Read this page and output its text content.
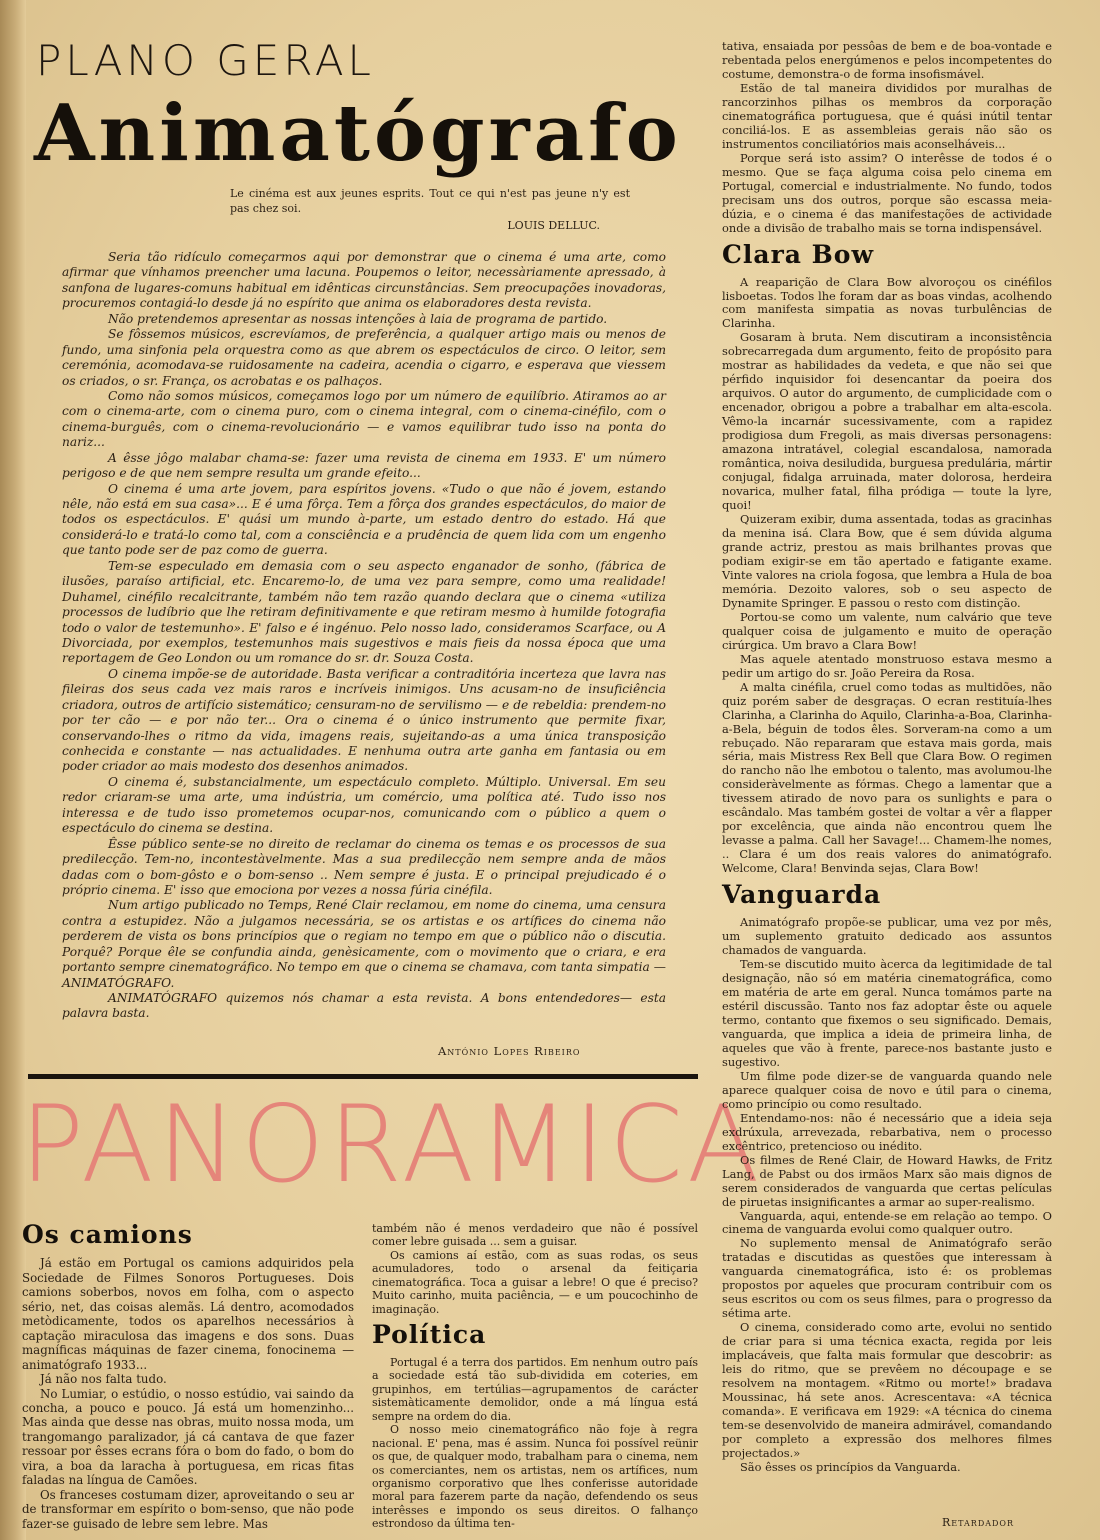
PLANO GERAL
Animatógrafo
Le cinéma est aux jeunes esprits. Tout ce qui n'est pas jeune n'y est pas chez soi.
LOUIS DELLUC.

Seria tão ridículo começarmos aqui por demonstrar que o cinema é uma arte, como afirmar que vínhamos preencher uma lacuna. Poupemos o leitor, necessàriamente apressado, à sanfona de lugares-comuns habitual em idênticas circunstâncias. Sem preocupações inovadoras, procuremos contagiá-lo desde já no espírito que anima os elaboradores desta revista.

Não pretendemos apresentar as nossas intenções à laia de programa de partido.

Se fôssemos músicos, escrevíamos, de preferência, a qualquer artigo mais ou menos de fundo, uma sinfonia pela orquestra como as que abrem os espectáculos de circo. O leitor, sem ceremónia, acomodava-se ruidosamente na cadeira, acendia o cigarro, e esperava que viessem os criados, o sr. França, os acrobatas e os palhaços.

Como não somos músicos, começamos logo por um número de equilíbrio. Atiramos ao ar com o cinema-arte, com o cinema puro, com o cinema integral, com o cinema-cinéfilo, com o cinema-burguês, com o cinema-revolucionário — e vamos equilibrar tudo isso na ponta do nariz...

A êsse jôgo malabar chama-se: fazer uma revista de cinema em 1933. E' um número perigoso e de que nem sempre resulta um grande efeito...

O cinema é uma arte jovem, para espíritos jovens. «Tudo o que não é jovem, estando nêle, não está em sua casa»... E é uma fôrça. Tem a fôrça dos grandes espectáculos, do maior de todos os espectáculos. E' quási um mundo à-parte, um estado dentro do estado. Há que considerá-lo e tratá-lo como tal, com a consciência e a prudência de quem lida com um engenho que tanto pode ser de paz como de guerra.

Tem-se especulado em demasia com o seu aspecto enganador de sonho, (fábrica de ilusões, paraíso artificial, etc. Encaremo-lo, de uma vez para sempre, como uma realidade! Duhamel, cinéfilo recalcitrante, também não tem razão quando declara que o cinema «utiliza processos de ludíbrio que lhe retiram definitivamente e que retiram mesmo à humilde fotografia todo o valor de testemunho». E' falso e é ingénuo. Pelo nosso lado, consideramos Scarface, ou A Divorciada, por exemplos, testemunhos mais sugestivos e mais fieis da nossa época que uma reportagem de Geo London ou um romance do sr. dr. Souza Costa.

O cinema impõe-se de autoridade. Basta verificar a contraditória incerteza que lavra nas fileiras dos seus cada vez mais raros e incríveis inimigos. Uns acusam-no de insuficiência criadora, outros de artifício sistemático; censuram-no de servilismo — e de rebeldia: prendem-no por ter cão — e por não ter... Ora o cinema é o único instrumento que permite fixar, conservando-lhes o ritmo da vida, imagens reais, sujeitando-as a uma única transposição conhecida e constante — nas actualidades. E nenhuma outra arte ganha em fantasia ou em poder criador ao mais modesto dos desenhos animados.

O cinema é, substancialmente, um espectáculo completo. Múltiplo. Universal. Em seu redor criaram-se uma arte, uma indústria, um comércio, uma política até. Tudo isso nos interessa e de tudo isso prometemos ocupar-nos, comunicando com o público a quem o espectáculo do cinema se destina.

Êsse público sente-se no direito de reclamar do cinema os temas e os processos de sua predilecção. Tem-no, incontestàvelmente. Mas a sua predilecção nem sempre anda de mãos dadas com o bom-gôsto e o bom-senso .. Nem sempre é justa. E o principal prejudicado é o próprio cinema. E' isso que emociona por vezes a nossa fúria cinéfila.

Num artigo publicado no Temps, René Clair reclamou, em nome do cinema, uma censura contra a estupidez. Não a julgamos necessária, se os artistas e os artífices do cinema não perderem de vista os bons princípios que o regiam no tempo em que o público não o discutia. Porquê? Porque êle se confundia ainda, genèsicamente, com o movimento que o criara, e era portanto sempre cinematográfico. No tempo em que o cinema se chamava, com tanta simpatia — ANIMATÓGRAFO.

ANIMATÓGRAFO quizemos nós chamar a esta revista. A bons entendedores— esta palavra basta.

António Lopes Ribeiro
PANORAMICA
Os camions

Já estão em Portugal os camions adquiridos pela Sociedade de Filmes Sonoros Portugueses. Dois camions soberbos, novos em folha, com o aspecto sério, net, das coisas alemãs. Lá dentro, acomodados metòdicamente, todos os aparelhos necessários à captação miraculosa das imagens e dos sons. Duas magníficas máquinas de fazer cinema, fonocinema — animatógrafo 1933...

Já não nos falta tudo.

No Lumiar, o estúdio, o nosso estúdio, vai saindo da concha, a pouco e pouco. Já está um homenzinho... Mas ainda que desse nas obras, muito nossa moda, um trangomango paralizador, já cá cantava de que fazer ressoar por êsses ecrans fóra o bom do fado, o bom do vira, a boa da laracha à portuguesa, em ricas fitas faladas na língua de Camões.

Os franceses costumam dizer, aproveitando o seu ar de transformar em espírito o bom-senso, que não pode fazer-se guisado de lebre sem lebre. Mas

também não é menos verdadeiro que não é possível comer lebre guisada ... sem a guisar.

Os camions aí estão, com as suas rodas, os seus acumuladores, todo o arsenal da feitiçaria cinematográfica. Toca a guisar a lebre! O que é preciso? Muito carinho, muita paciência, — e um poucochinho de imaginação.

Política

Portugal é a terra dos partidos. Em nenhum outro país a sociedade está tão sub-dividida em coteries, em grupinhos, em tertúlias—agrupamentos de carácter sistemàticamente demolidor, onde a má língua está sempre na ordem do dia.

O nosso meio cinematográfico não foje à regra nacional. E' pena, mas é assim. Nunca foi possível reünir os que, de qualquer modo, trabalham para o cinema, nem os comerciantes, nem os artistas, nem os artífices, num organismo corporativo que lhes conferisse autoridade moral para fazerem parte da nação, defendendo os seus interêsses e impondo os seus direitos. O falhanço estrondoso da última ten-

tativa, ensaiada por pessôas de bem e de boa-vontade e rebentada pelos energúmenos e pelos incompetentes do costume, demonstra-o de forma insofismável.

Estão de tal maneira divididos por muralhas de rancorzinhos pilhas os membros da corporação cinematográfica portuguesa, que é quási inútil tentar conciliá-los. E as assembleias gerais não são os instrumentos conciliatórios mais aconselháveis...

Porque será isto assim? O interêsse de todos é o mesmo. Que se faça alguma coisa pelo cinema em Portugal, comercial e industrialmente. No fundo, todos precisam uns dos outros, porque são escassa meia-dúzia, e o cinema é das manifestações de actividade onde a divisão de trabalho mais se torna indispensável.

Clara Bow

A reaparição de Clara Bow alvoroçou os cinéfilos lisboetas. Todos lhe foram dar as boas vindas, acolhendo com manifesta simpatia as novas turbulências de Clarinha.

Gosaram à bruta. Nem discutiram a inconsistência sobrecarregada dum argumento, feito de propósito para mostrar as habilidades da vedeta, e que não sei que pérfido inquisidor foi desencantar da poeira dos arquivos. O autor do argumento, de cumplicidade com o encenador, obrigou a pobre a trabalhar em alta-escola. Vêmo-la incarnár sucessivamente, com a rapidez prodigiosa dum Fregoli, as mais diversas personagens: amazona intratável, colegial escandalosa, namorada romântica, noiva desiludida, burguesa predulária, mártir conjugal, fidalga arruinada, mater dolorosa, herdeira novarica, mulher fatal, filha pródiga — toute la lyre, quoi!

Quizeram exibir, duma assentada, todas as gracinhas da menina isá. Clara Bow, que é sem dúvida alguma grande actriz, prestou as mais brilhantes provas que podiam exigir-se em tão apertado e fatigante exame. Vinte valores na criola fogosa, que lembra a Hula de boa memória. Dezoito valores, sob o seu aspecto de Dynamite Springer. E passou o resto com distinção.

Portou-se como um valente, num calvário que teve qualquer coisa de julgamento e muito de operação cirúrgica. Um bravo a Clara Bow!

Mas aquele atentado monstruoso estava mesmo a pedir um artigo do sr. João Pereira da Rosa.

A malta cinéfila, cruel como todas as multidões, não quiz porém saber de desgraças. O ecran restituía-lhes Clarinha, a Clarinha do Aquilo, Clarinha-a-Boa, Clarinha-a-Bela, béguin de todos êles. Sorveram-na como a um rebuçado. Não repararam que estava mais gorda, mais séria, mais Mistress Rex Bell que Clara Bow. O regimen do rancho não lhe embotou o talento, mas avolumou-lhe consideràvelmente as fórmas. Chego a lamentar que a tivessem atirado de novo para os sunlights e para o escândalo. Mas também gostei de voltar a vêr a flapper por excelência, que ainda não encontrou quem lhe levasse a palma. Call her Savage!... Chamem-lhe nomes, .. Clara é um dos reais valores do animatógrafo. Welcome, Clara! Benvinda sejas, Clara Bow!

Vanguarda

Animatógrafo propõe-se publicar, uma vez por mês, um suplemento gratuito dedicado aos assuntos chamados de vanguarda.

Tem-se discutido muito àcerca da legitimidade de tal designação, não só em matéria cinematográfica, como em matéria de arte em geral. Nunca tomámos parte na estéril discussão. Tanto nos faz adoptar êste ou aquele termo, contanto que fixemos o seu significado. Demais, vanguarda, que implica a ideia de primeira linha, de aqueles que vão à frente, parece-nos bastante justo e sugestivo.

Um filme pode dizer-se de vanguarda quando nele aparece qualquer coisa de novo e útil para o cinema, como princípio ou como resultado.

Entendamo-nos: não é necessário que a ideia seja exdrúxula, arrevezada, rebarbativa, nem o processo excêntrico, pretencioso ou inédito.

Os filmes de René Clair, de Howard Hawks, de Fritz Lang, de Pabst ou dos irmãos Marx são mais dignos de serem considerados de vanguarda que certas películas de piruetas insignificantes a armar ao super-realismo.

Vanguarda, aqui, entende-se em relação ao tempo. O cinema de vanguarda evolui como qualquer outro.

No suplemento mensal de Animatógrafo serão tratadas e discutidas as questões que interessam à vanguarda cinematográfica, isto é: os problemas propostos por aqueles que procuram contribuir com os seus escritos ou com os seus filmes, para o progresso da sétima arte.

O cinema, considerado como arte, evolui no sentido de criar para si uma técnica exacta, regida por leis implacáveis, que falta mais formular que descobrir: as leis do ritmo, que se prevêem no découpage e se resolvem na montagem. «Ritmo ou morte!» bradava Moussinac, há sete anos. Acrescentava: «A técnica comanda». E verificava em 1929: «A técnica do cinema tem-se desenvolvido de maneira admirável, comandando por completo a expressão dos melhores filmes projectados.»

São êsses os princípios da Vanguarda.

Retardador
